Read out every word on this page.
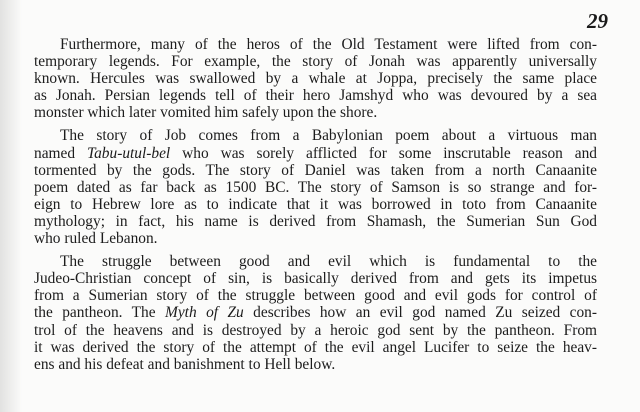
29
Furthermore, many of the heros of the Old Testament were lifted from con-
temporary legends. For example, the story of Jonah was apparently universally
known. Hercules was swallowed by a whale at Joppa, precisely the same place
as Jonah. Persian legends tell of their hero Jamshyd who was devoured by a sea
monster which later vomited him safely upon the shore.
The story of Job comes from a Babylonian poem about a virtuous man
named Tabu-utul-bel who was sorely afflicted for some inscrutable reason and
tormented by the gods. The story of Daniel was taken from a north Canaanite
poem dated as far back as 1500 BC. The story of Samson is so strange and for-
eign to Hebrew lore as to indicate that it was borrowed in toto from Canaanite
mythology; in fact, his name is derived from Shamash, the Sumerian Sun God
who ruled Lebanon.
The struggle between good and evil which is fundamental to the
Judeo-Christian concept of sin, is basically derived from and gets its impetus
from a Sumerian story of the struggle between good and evil gods for control of
the pantheon. The Myth of Zu describes how an evil god named Zu seized con-
trol of the heavens and is destroyed by a heroic god sent by the pantheon. From
it was derived the story of the attempt of the evil angel Lucifer to seize the heav-
ens and his defeat and banishment to Hell below.
